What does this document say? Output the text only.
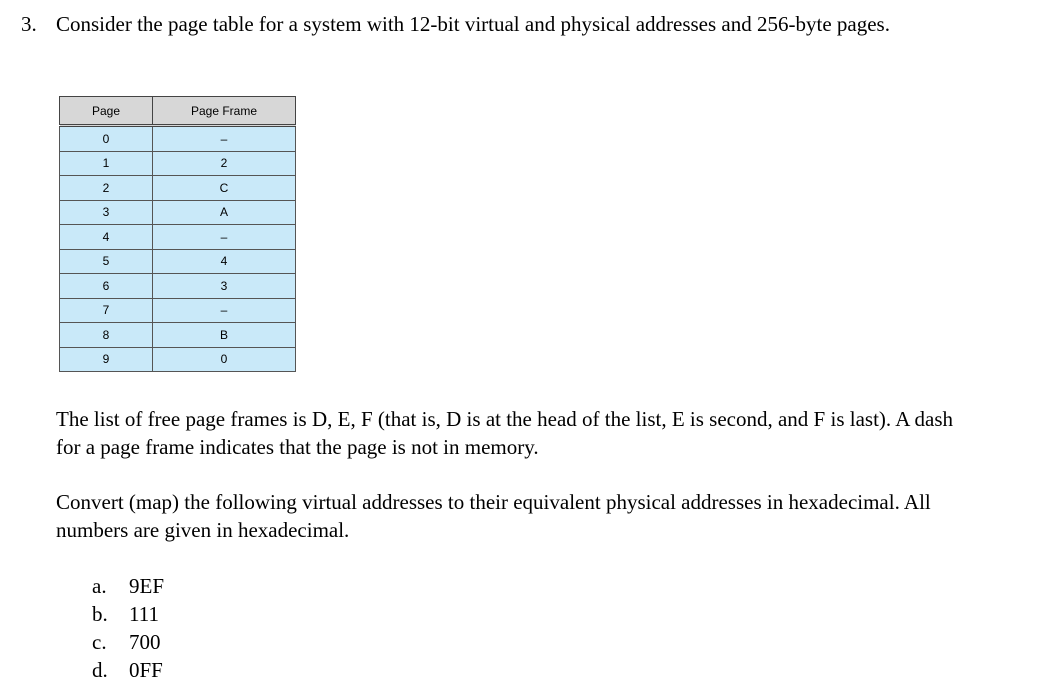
3. Consider the page table for a system with 12-bit virtual and physical addresses and 256-byte pages.
Page	Page Frame
0	–
1	2
2	C
3	A
4	–
5	4
6	3
7	–
8	B
9	0
The list of free page frames is D, E, F (that is, D is at the head of the list, E is second, and F is last). A dash for a page frame indicates that the page is not in memory.
Convert (map) the following virtual addresses to their equivalent physical addresses in hexadecimal. All numbers are given in hexadecimal.
a. 9EF
b. 111
c. 700
d. 0FF
